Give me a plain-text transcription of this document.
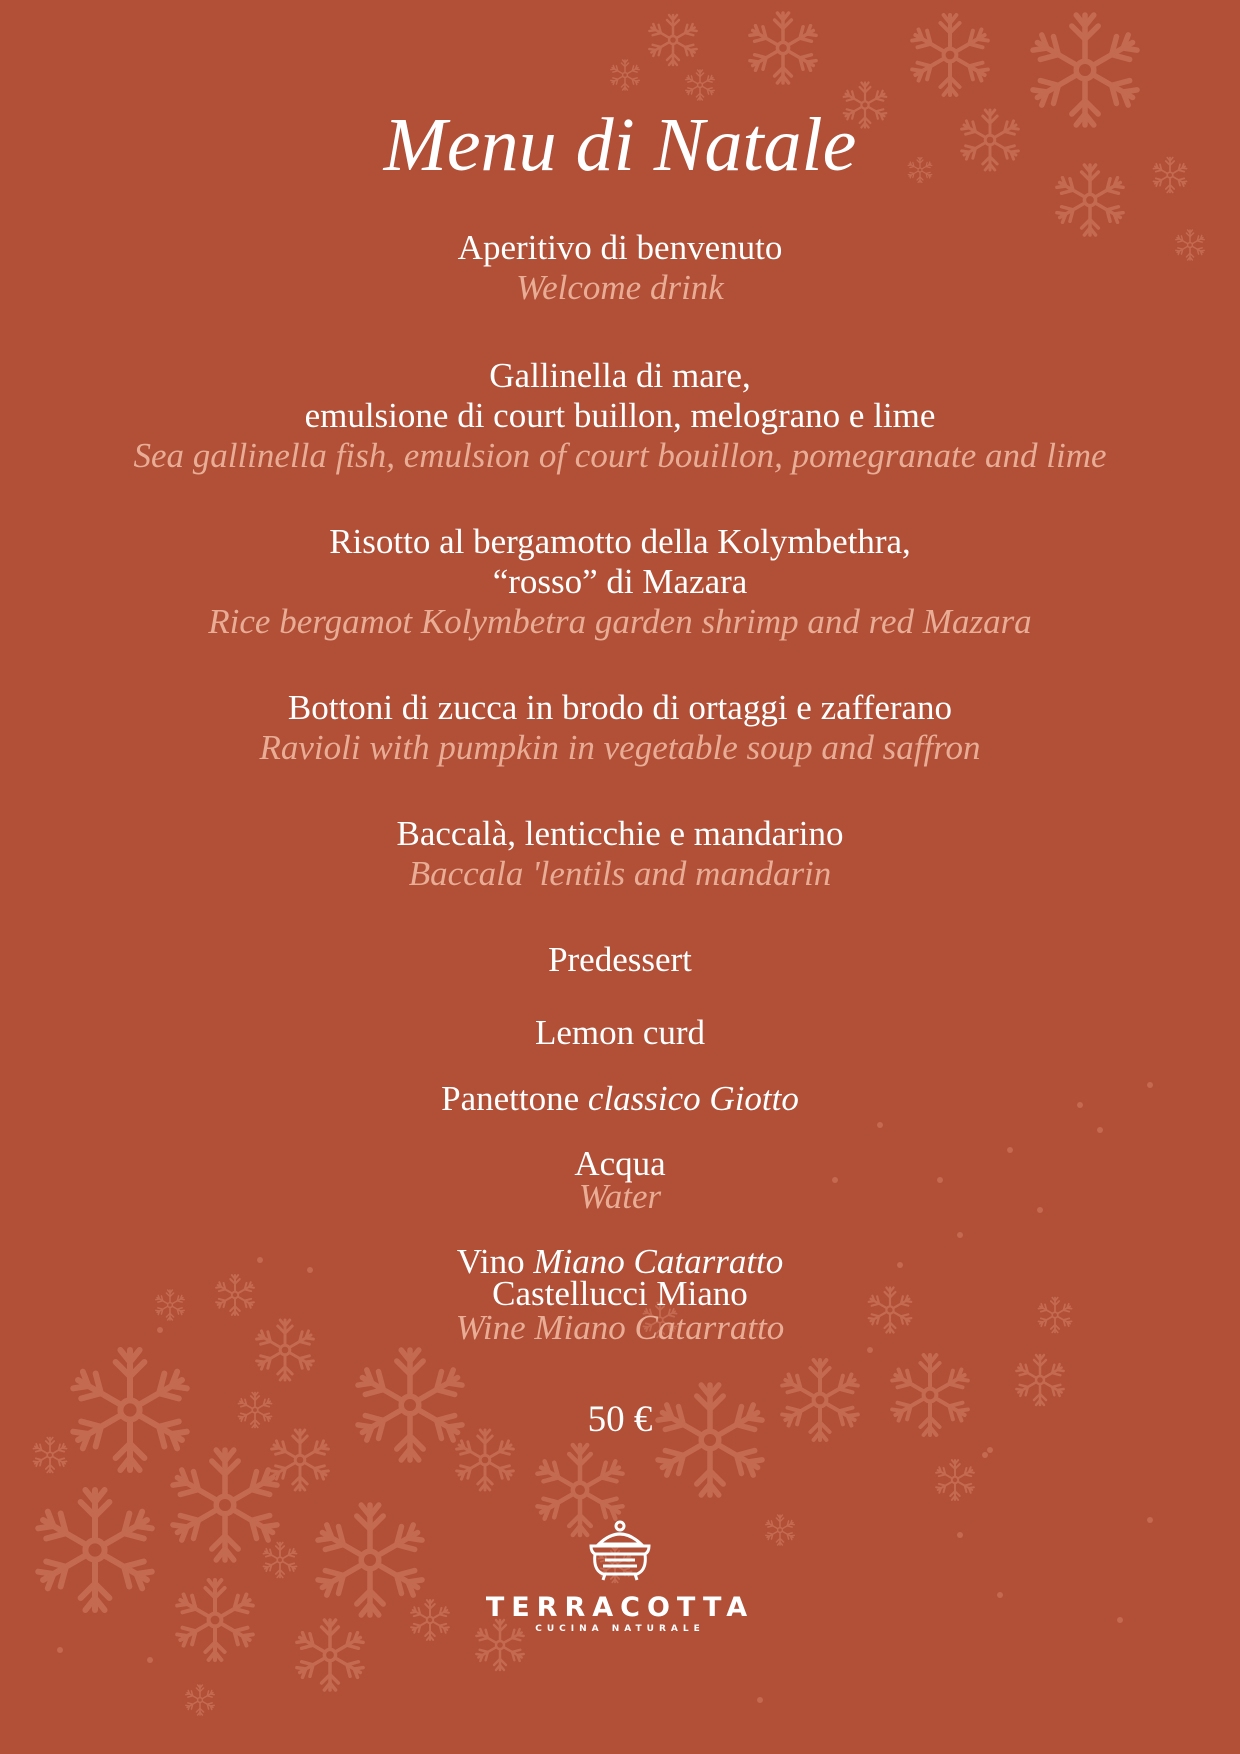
Menu di Natale
Aperitivo di benvenuto
Welcome drink
Gallinella di mare,
emulsione di court buillon, melograno e lime
Sea gallinella fish, emulsion of court bouillon, pomegranate and lime
Risotto al bergamotto della Kolymbethra,
“rosso” di Mazara
Rice bergamot Kolymbetra garden shrimp and red Mazara
Bottoni di zucca in brodo di ortaggi e zafferano
Ravioli with pumpkin in vegetable soup and saffron
Baccalà, lenticchie e mandarino
Baccala 'lentils and mandarin
Predessert
Lemon curd
Panettone classico Giotto
Acqua
Water
Vino Miano Catarratto
Castellucci Miano
Wine Miano Catarratto
50 €
TERRACOTTA
CUCINA NATURALE
